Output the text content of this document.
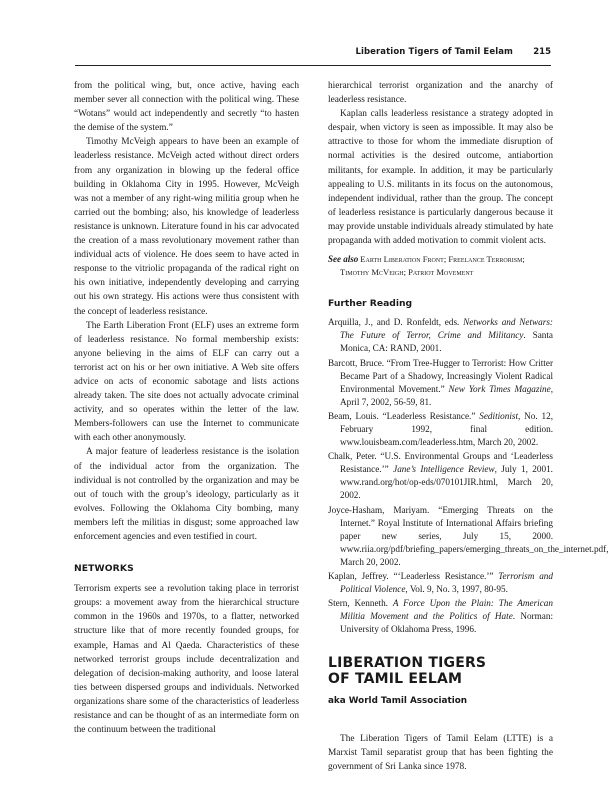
Liberation Tigers of Tamil Eelam 215

from the political wing, but, once active, having each member sever all connection with the political wing. These “Wotans” would act independently and secretly “to hasten the demise of the system.”

Timothy McVeigh appears to have been an example of leaderless resistance. McVeigh acted without direct orders from any organization in blowing up the federal office building in Oklahoma City in 1995. However, McVeigh was not a member of any right-wing militia group when he carried out the bombing; also, his knowledge of leaderless resistance is unknown. Literature found in his car advocated the creation of a mass revolutionary movement rather than individual acts of violence. He does seem to have acted in response to the vitriolic propaganda of the radical right on his own initiative, independently developing and carrying out his own strategy. His actions were thus consistent with the concept of leaderless resistance.

The Earth Liberation Front (ELF) uses an extreme form of leaderless resistance. No formal membership exists: anyone believing in the aims of ELF can carry out a terrorist act on his or her own initiative. A Web site offers advice on acts of economic sabotage and lists actions already taken. The site does not actually advocate criminal activity, and so operates within the letter of the law. Members-followers can use the Internet to communicate with each other anonymously.

A major feature of leaderless resistance is the isolation of the individual actor from the organization. The individual is not controlled by the organization and may be out of touch with the group’s ideology, particularly as it evolves. Following the Oklahoma City bombing, many members left the militias in disgust; some approached law enforcement agencies and even testified in court.

NETWORKS

Terrorism experts see a revolution taking place in terrorist groups: a movement away from the hierarchical structure common in the 1960s and 1970s, to a flatter, networked structure like that of more recently founded groups, for example, Hamas and Al Qaeda. Characteristics of these networked terrorist groups include decentralization and delegation of decision-making authority, and loose lateral ties between dispersed groups and individuals. Networked organizations share some of the characteristics of leaderless resistance and can be thought of as an intermediate form on the continuum between the traditional

hierarchical terrorist organization and the anarchy of leaderless resistance.

Kaplan calls leaderless resistance a strategy adopted in despair, when victory is seen as impossible. It may also be attractive to those for whom the immediate disruption of normal activities is the desired outcome, antiabortion militants, for example. In addition, it may be particularly appealing to U.S. militants in its focus on the autonomous, independent individual, rather than the group. The concept of leaderless resistance is particularly dangerous because it may provide unstable individuals already stimulated by hate propaganda with added motivation to commit violent acts.

See also Earth Liberation Front; Freelance Terrorism; Timothy McVeigh; Patriot Movement

Further Reading

Arquilla, J., and D. Ronfeldt, eds. Networks and Netwars: The Future of Terror, Crime and Militancy. Santa Monica, CA: RAND, 2001.

Barcott, Bruce. “From Tree-Hugger to Terrorist: How Critter Became Part of a Shadowy, Increasingly Violent Radical Environmental Movement.” New York Times Magazine, April 7, 2002, 56-59, 81.

Beam, Louis. “Leaderless Resistance.” Seditionist, No. 12, February 1992, final edition. www.louisbeam.com/leaderless.htm, March 20, 2002.

Chalk, Peter. “U.S. Environmental Groups and ‘Leaderless Resistance.’” Jane’s Intelligence Review, July 1, 2001. www.rand.org/hot/op-eds/070101JIR.html, March 20, 2002.

Joyce-Hasham, Mariyam. “Emerging Threats on the Internet.” Royal Institute of International Affairs briefing paper new series, July 15, 2000. www.riia.org/pdf/briefing_papers/emerging_threats_on_the_internet.pdf, March 20, 2002.

Kaplan, Jeffrey. “‘Leaderless Resistance.’” Terrorism and Political Violence, Vol. 9, No. 3, 1997, 80-95.

Stern, Kenneth. A Force Upon the Plain: The American Militia Movement and the Politics of Hate. Norman: University of Oklahoma Press, 1996.

LIBERATION TIGERS
OF TAMIL EELAM
aka World Tamil Association

The Liberation Tigers of Tamil Eelam (LTTE) is a Marxist Tamil separatist group that has been fighting the government of Sri Lanka since 1978.
